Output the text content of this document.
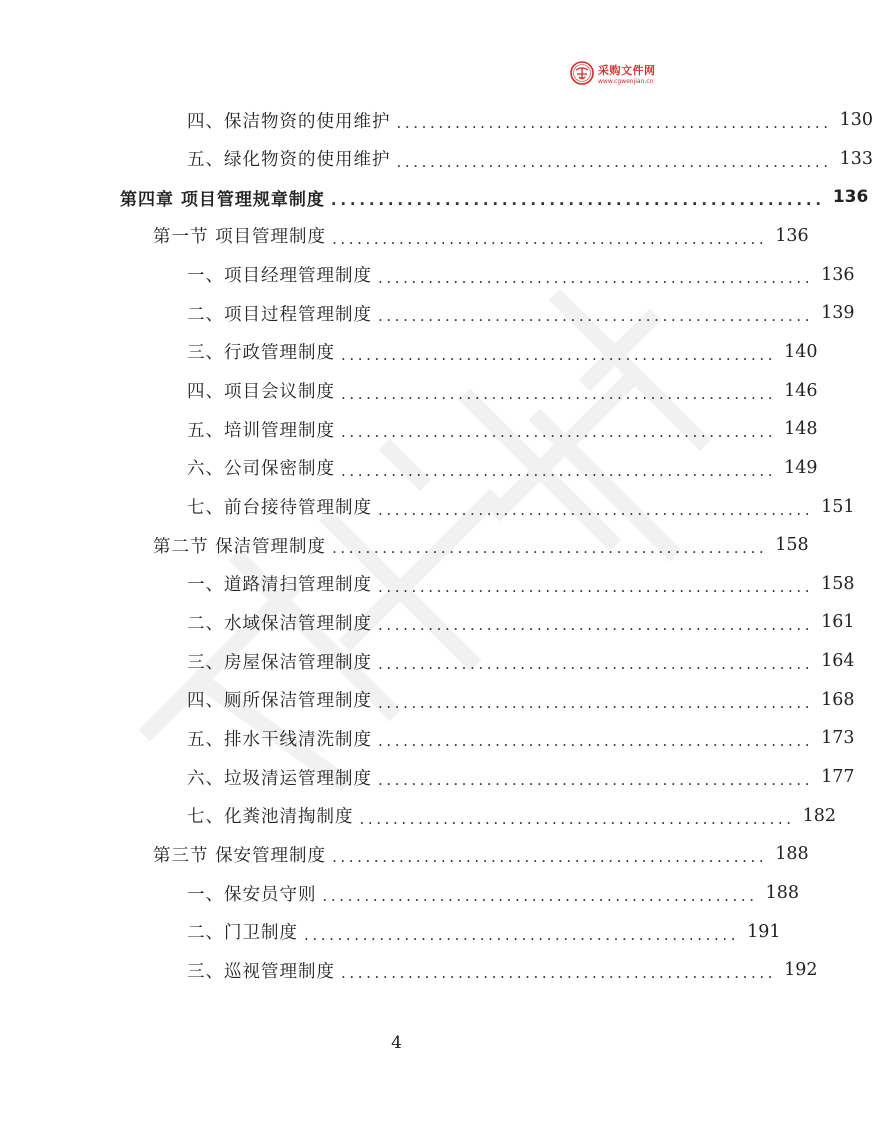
采购文件网
www.cgwenjian.cn
四、保洁物资的使用维护 .................................................... 130
五、绿化物资的使用维护 .................................................... 133
第四章 项目管理规章制度 .................................................... 136
第一节 项目管理制度 .................................................... 136
一、项目经理管理制度 .................................................... 136
二、项目过程管理制度 .................................................... 139
三、行政管理制度 .................................................... 140
四、项目会议制度 .................................................... 146
五、培训管理制度 .................................................... 148
六、公司保密制度 .................................................... 149
七、前台接待管理制度 .................................................... 151
第二节 保洁管理制度 .................................................... 158
一、道路清扫管理制度 .................................................... 158
二、水域保洁管理制度 .................................................... 161
三、房屋保洁管理制度 .................................................... 164
四、厕所保洁管理制度 .................................................... 168
五、排水干线清洗制度 .................................................... 173
六、垃圾清运管理制度 .................................................... 177
七、化粪池清掏制度 .................................................... 182
第三节 保安管理制度 .................................................... 188
一、保安员守则 .................................................... 188
二、门卫制度 .................................................... 191
三、巡视管理制度 .................................................... 192
4
